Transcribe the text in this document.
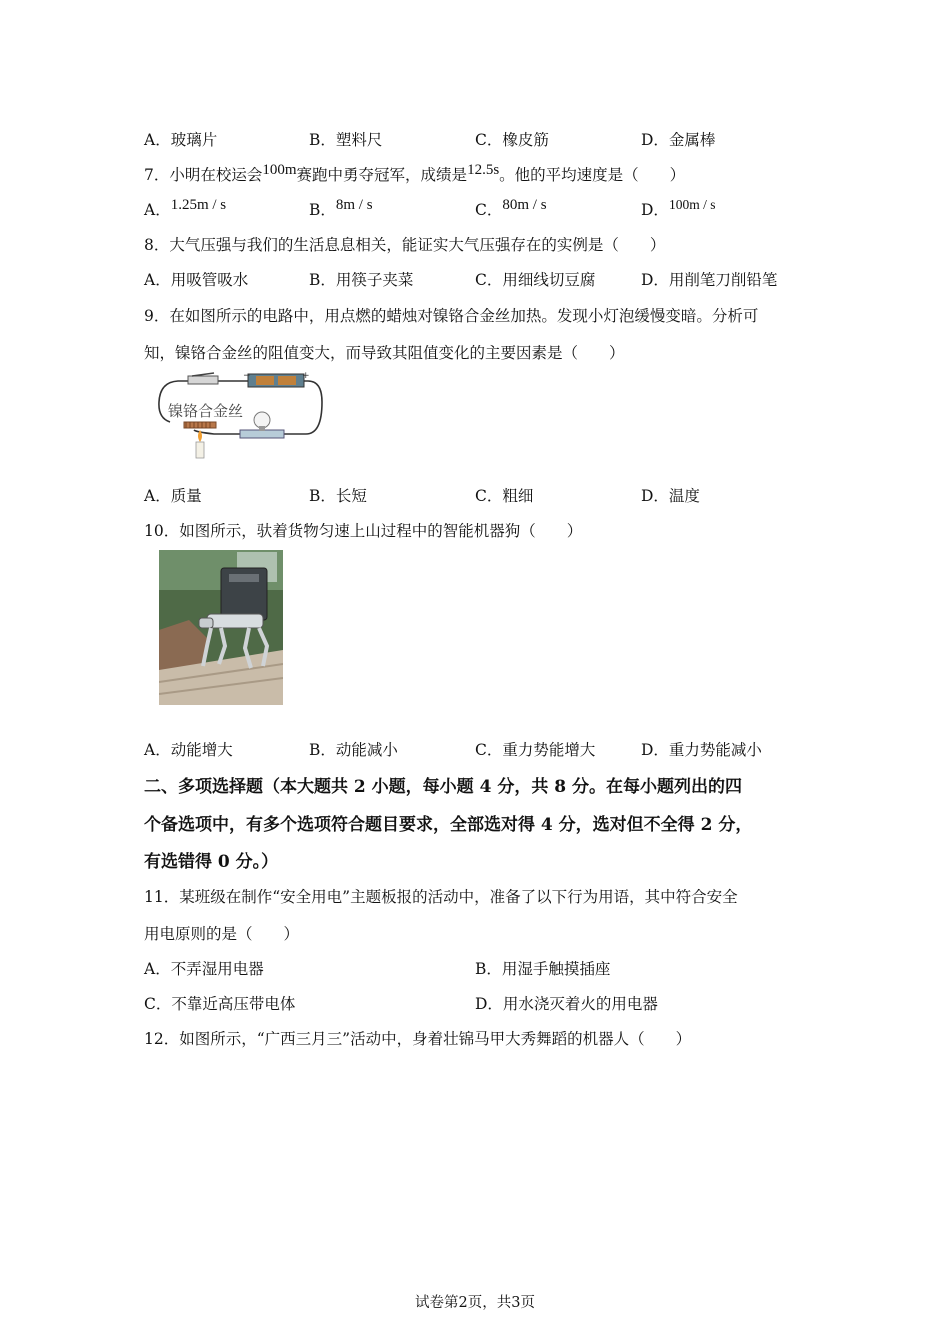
A．玻璃片	B．塑料尺	C．橡皮筋	D．金属棒
7．小明在校运会100m赛跑中勇夺冠军，成绩是12.5s。他的平均速度是（　　）
A．1.25m / s	B．8m / s	C．80m / s	D．100m / s
8．大气压强与我们的生活息息相关，能证实大气压强存在的实例是（　　）
A．用吸管吸水	B．用筷子夹菜	C．用细线切豆腐	D．用削笔刀削铅笔
9．在如图所示的电路中，用点燃的蜡烛对镍铬合金丝加热。发现小灯泡缓慢变暗。分析可
知，镍铬合金丝的阻值变大，而导致其阻值变化的主要因素是（　　）
−	+
镍铬合金丝
A．质量	B．长短	C．粗细	D．温度
10．如图所示，驮着货物匀速上山过程中的智能机器狗（　　）
A．动能增大	B．动能减小	C．重力势能增大	D．重力势能减小
二、多项选择题（本大题共 2 小题，每小题 4 分，共 8 分。在每小题列出的四
个备选项中，有多个选项符合题目要求，全部选对得 4 分，选对但不全得 2 分，
有选错得 0 分。）
11．某班级在制作“安全用电”主题板报的活动中，准备了以下行为用语，其中符合安全
用电原则的是（　　）
A．不弄湿用电器	B．用湿手触摸插座
C．不靠近高压带电体	D．用水浇灭着火的用电器
12．如图所示，“广西三月三”活动中，身着壮锦马甲大秀舞蹈的机器人（　　）
试卷第2页，共3页
